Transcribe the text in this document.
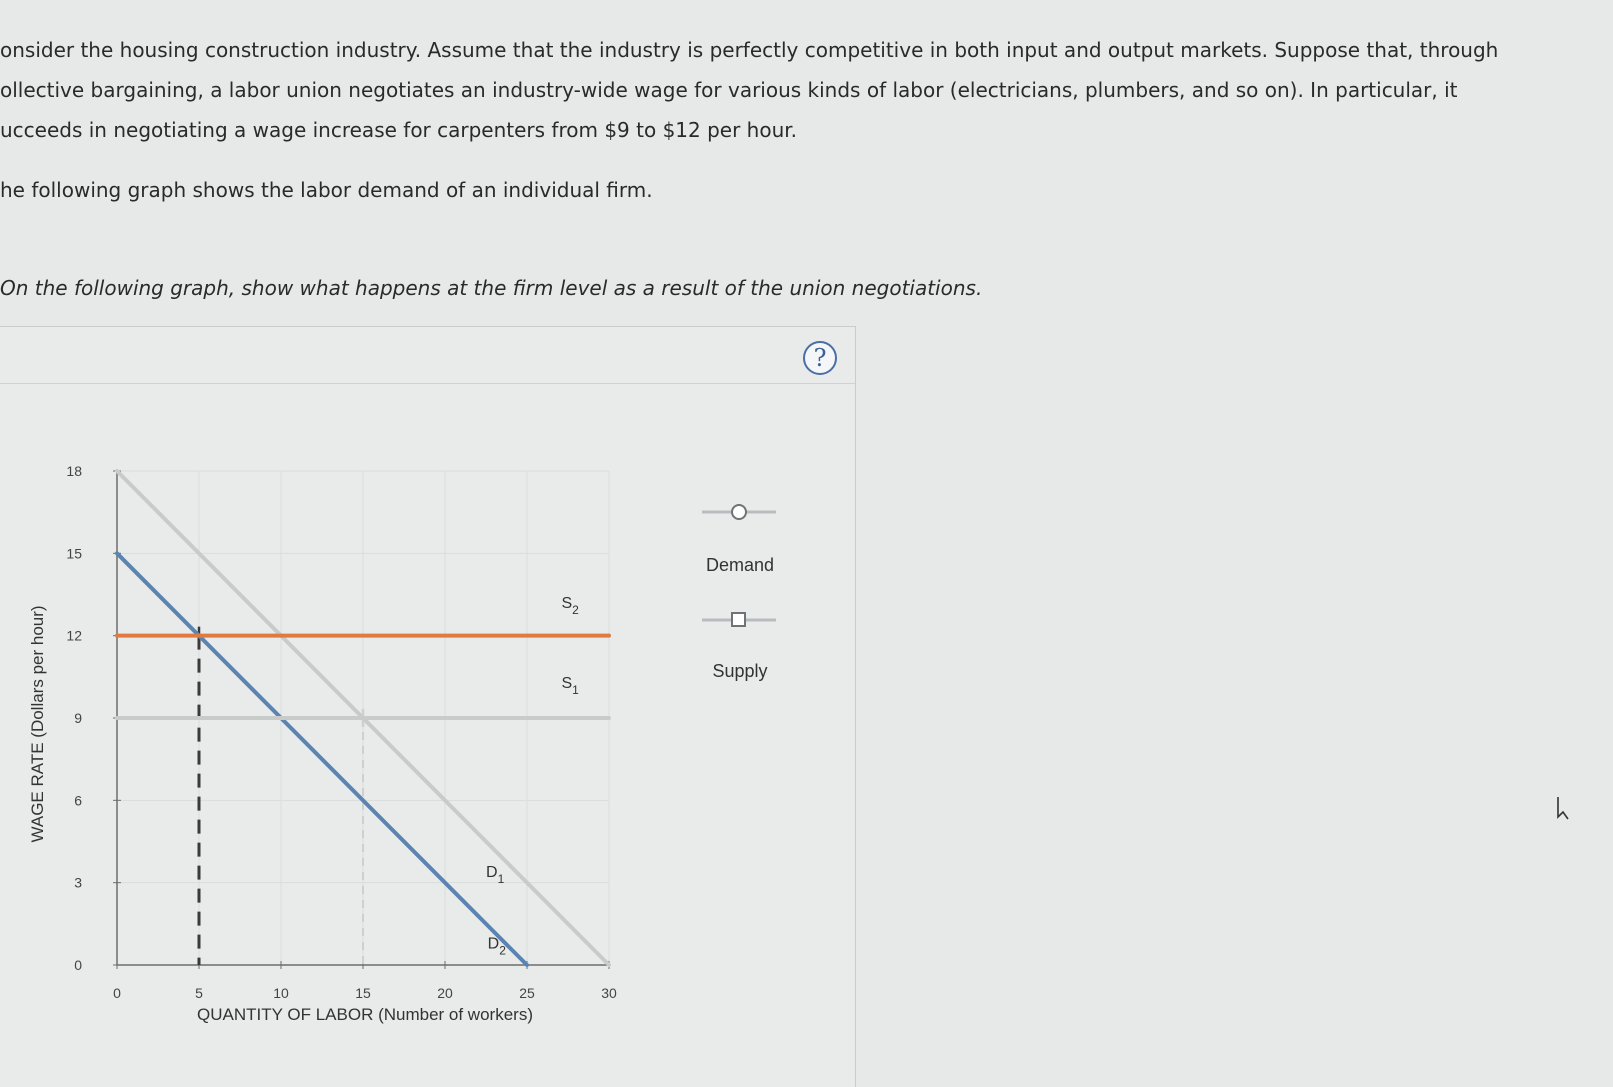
onsider the housing construction industry. Assume that the industry is perfectly competitive in both input and output markets. Suppose that, through
ollective bargaining, a labor union negotiates an industry-wide wage for various kinds of labor (electricians, plumbers, and so on). In particular, it
ucceeds in negotiating a wage increase for carpenters from $9 to $12 per hour.

he following graph shows the labor demand of an individual firm.

On the following graph, show what happens at the firm level as a result of the union negotiations.

?
0	5	10	15	20	25	30
0
3
6
9
12
15
18
$D_1$
$D_2$
$S_1$
$S_2$
QUANTITY OF LABOR (Number of workers)
WAGE RATE (Dollars per hour)
Demand
Supply
